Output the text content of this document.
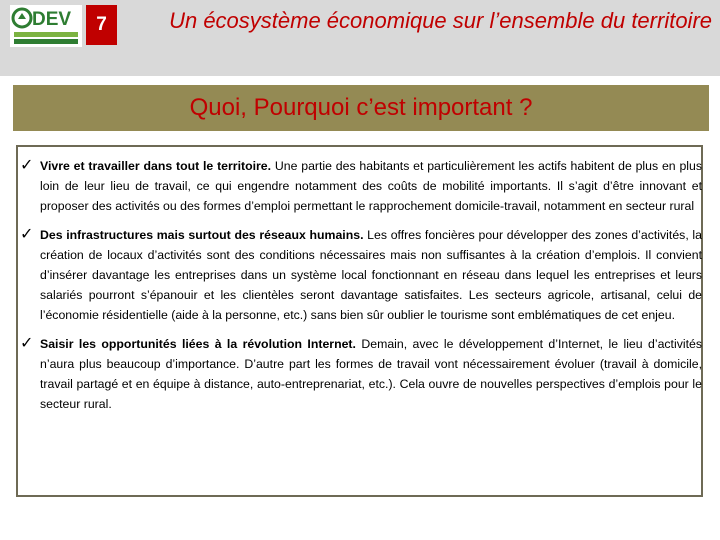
DEV	7	Un écosystème économique sur l’ensemble du territoire
Quoi, Pourquoi c’est important ?
✓ Vivre et travailler dans tout le territoire. Une partie des habitants et particulièrement les actifs habitent de plus en plus loin de leur lieu de travail, ce qui engendre notamment des coûts de mobilité importants. Il s’agit d’être innovant et proposer des activités ou des formes d’emploi permettant le rapprochement domicile-travail, notamment en secteur rural
✓ Des infrastructures mais surtout des réseaux humains. Les offres foncières pour développer des zones d’activités, la création de locaux d’activités sont des conditions nécessaires mais non suffisantes à la création d’emplois. Il convient d’insérer davantage les entreprises dans un système local fonctionnant en réseau dans lequel les entreprises et leurs salariés pourront s’épanouir et les clientèles seront davantage satisfaites. Les secteurs agricole, artisanal, celui de l’économie résidentielle (aide à la personne, etc.) sans bien sûr oublier le tourisme sont emblématiques de cet enjeu.
✓ Saisir les opportunités liées à la révolution Internet. Demain, avec le développement d’Internet, le lieu d’activités n’aura plus beaucoup d’importance. D’autre part les formes de travail vont nécessairement évoluer (travail à domicile, travail partagé et en équipe à distance, auto-entreprenariat, etc.). Cela ouvre de nouvelles perspectives d’emplois pour le secteur rural.
